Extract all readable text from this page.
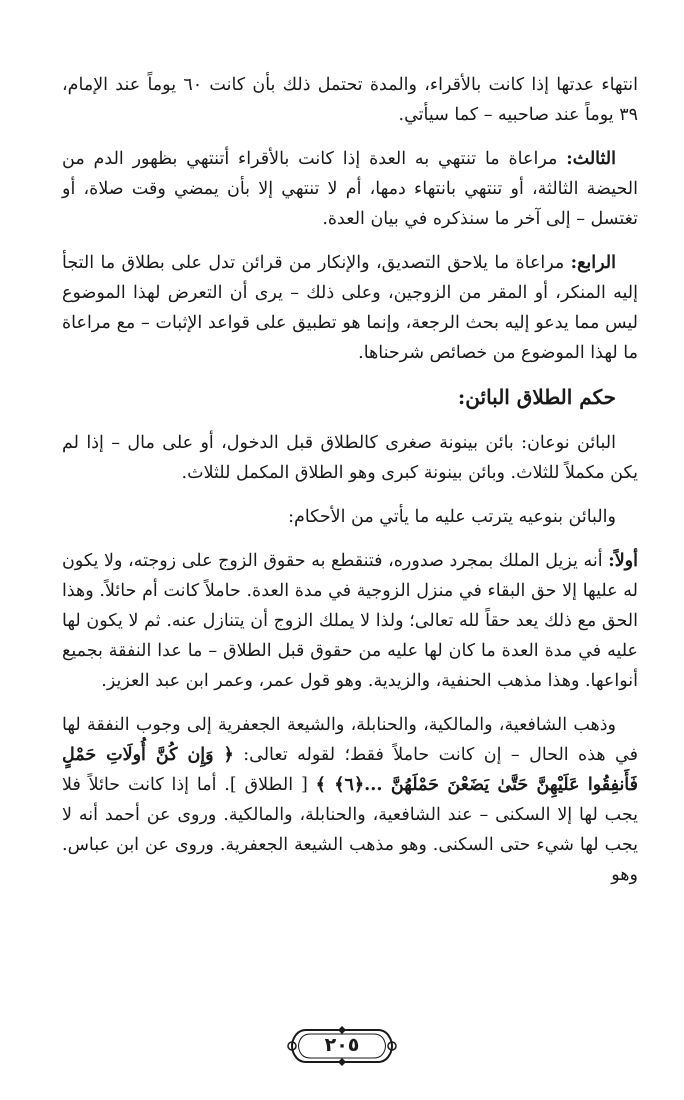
انتهاء عدتها إذا كانت بالأقراء، والمدة تحتمل ذلك بأن كانت ٦٠ يوماً عند الإمام، ٣٩ يوماً عند صاحبيه – كما سيأتي.

الثالث: مراعاة ما تنتهي به العدة إذا كانت بالأقراء أتنتهي بظهور الدم من الحيضة الثالثة، أو تنتهي بانتهاء دمها، أم لا تنتهي إلا بأن يمضي وقت صلاة، أو تغتسل – إلى آخر ما سنذكره في بيان العدة.

الرابع: مراعاة ما يلاحق التصديق، والإنكار من قرائن تدل على بطلاق ما التجأ إليه المنكر، أو المقر من الزوجين، وعلى ذلك – يرى أن التعرض لهذا الموضوع ليس مما يدعو إليه بحث الرجعة، وإنما هو تطبيق على قواعد الإثبات – مع مراعاة ما لهذا الموضوع من خصائص شرحناها.

حكم الطلاق البائن:

البائن نوعان: بائن بينونة صغرى كالطلاق قبل الدخول، أو على مال – إذا لم يكن مكملاً للثلاث. وبائن بينونة كبرى وهو الطلاق المكمل للثلاث.

والبائن بنوعيه يترتب عليه ما يأتي من الأحكام:

أولاً: أنه يزيل الملك بمجرد صدوره، فتنقطع به حقوق الزوج على زوجته، ولا يكون له عليها إلا حق البقاء في منزل الزوجية في مدة العدة. حاملاً كانت أم حائلاً. وهذا الحق مع ذلك يعد حقاً لله تعالى؛ ولذا لا يملك الزوج أن يتنازل عنه. ثم لا يكون لها عليه في مدة العدة ما كان لها عليه من حقوق قبل الطلاق – ما عدا النفقة بجميع أنواعها. وهذا مذهب الحنفية، والزيدية. وهو قول عمر، وعمر ابن عبد العزيز.

وذهب الشافعية، والمالكية، والحنابلة، والشيعة الجعفرية إلى وجوب النفقة لها في هذه الحال – إن كانت حاملاً فقط؛ لقوله تعالى: ﴿ وَإِن كُنَّ أُولَاتِ حَمْلٍ فَأَنفِقُوا عَلَيْهِنَّ حَتَّىٰ يَضَعْنَ حَمْلَهُنَّ ...﴿٦﴾ ﴾ [ الطلاق ]. أما إذا كانت حائلاً فلا يجب لها إلا السكنى – عند الشافعية، والحنابلة، والمالكية. وروى عن أحمد أنه لا يجب لها شيء حتى السكنى. وهو مذهب الشيعة الجعفرية. وروى عن ابن عباس. وهو

٢٠٥
